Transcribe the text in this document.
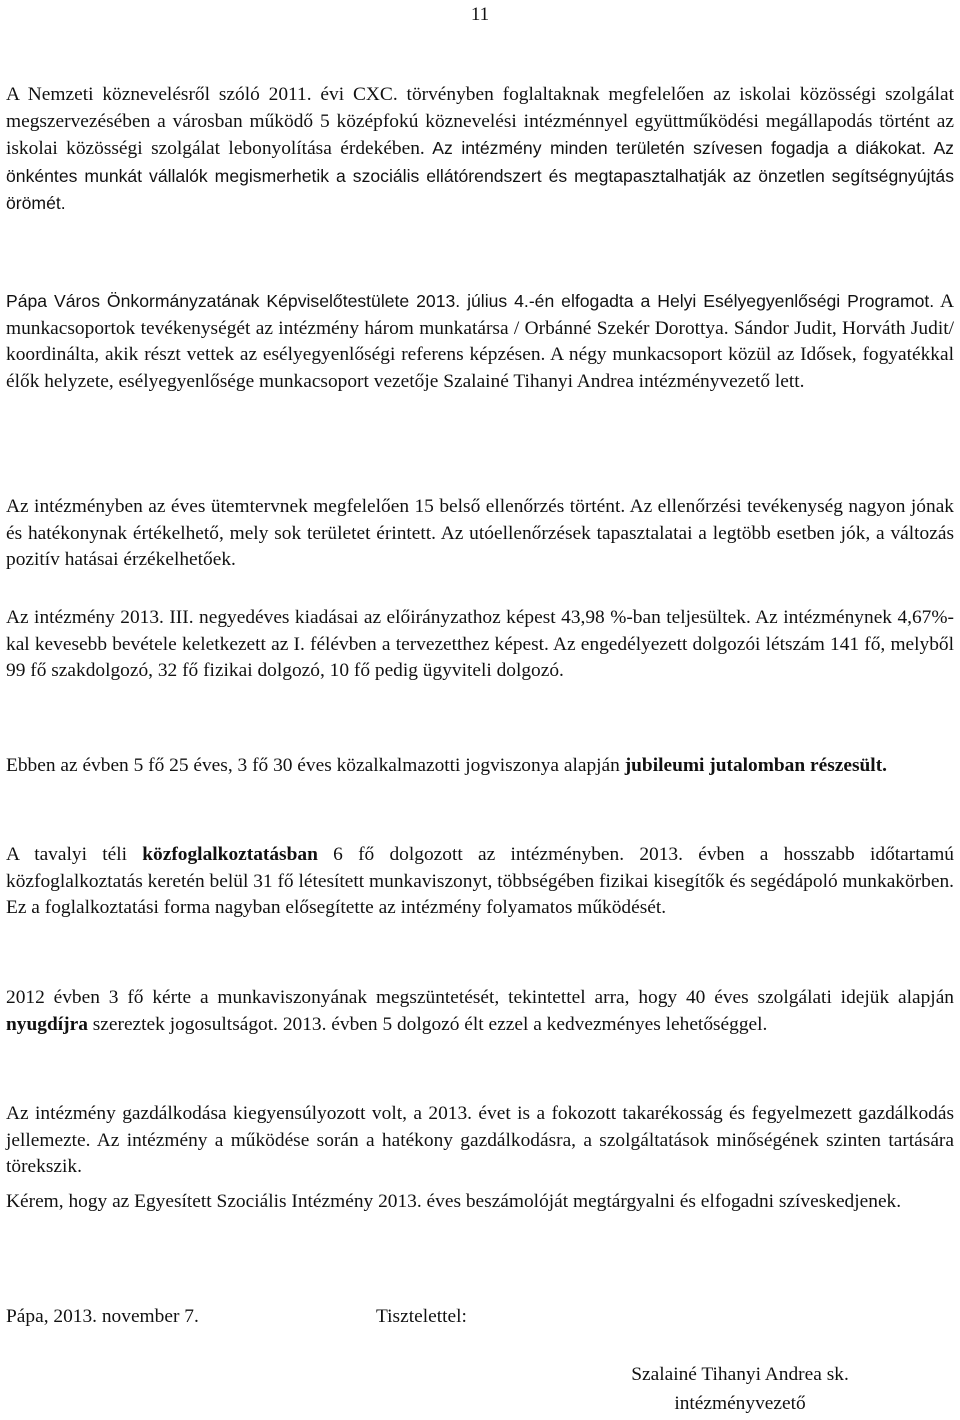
11

A Nemzeti köznevelésről szóló 2011. évi CXC. törvényben foglaltaknak megfelelően az iskolai közösségi szolgálat megszervezésében a városban működő 5 középfokú köznevelési intézménnyel együttműködési megállapodás történt az iskolai közösségi szolgálat lebonyolítása érdekében. Az intézmény minden területén szívesen fogadja a diákokat. Az önkéntes munkát vállalók megismerhetik a szociális ellátórendszert és megtapasztalhatják az önzetlen segítségnyújtás örömét.

Pápa Város Önkormányzatának Képviselőtestülete 2013. július 4.-én elfogadta a Helyi Esélyegyenlőségi Programot. A munkacsoportok tevékenységét az intézmény három munkatársa / Orbánné Szekér Dorottya. Sándor Judit, Horváth Judit/ koordinálta, akik részt vettek az esélyegyenlőségi referens képzésen. A négy munkacsoport közül az Idősek, fogyatékkal élők helyzete, esélyegyenlősége munkacsoport vezetője Szalainé Tihanyi Andrea intézményvezető lett.

Az intézményben az éves ütemtervnek megfelelően 15 belső ellenőrzés történt. Az ellenőrzési tevékenység nagyon jónak és hatékonynak értékelhető, mely sok területet érintett. Az utóellenőrzések tapasztalatai a legtöbb esetben jók, a változás pozitív hatásai érzékelhetőek.

Az intézmény 2013. III. negyedéves kiadásai az előirányzathoz képest 43,98 %-ban teljesültek. Az intézménynek 4,67%-kal kevesebb bevétele keletkezett az I. félévben a tervezetthez képest. Az engedélyezett dolgozói létszám 141 fő, melyből 99 fő szakdolgozó, 32 fő fizikai dolgozó, 10 fő pedig ügyviteli dolgozó.

Ebben az évben 5 fő 25 éves, 3 fő 30 éves közalkalmazotti jogviszonya alapján jubileumi jutalomban részesült.

A tavalyi téli közfoglalkoztatásban 6 fő dolgozott az intézményben. 2013. évben a hosszabb időtartamú közfoglalkoztatás keretén belül 31 fő létesített munkaviszonyt, többségében fizikai kisegítők és segédápoló munkakörben. Ez a foglalkoztatási forma nagyban elősegítette az intézmény folyamatos működését.

2012 évben 3 fő kérte a munkaviszonyának megszüntetését, tekintettel arra, hogy 40 éves szolgálati idejük alapján nyugdíjra szereztek jogosultságot. 2013. évben 5 dolgozó élt ezzel a kedvezményes lehetőséggel.

Az intézmény gazdálkodása kiegyensúlyozott volt, a 2013. évet is a fokozott takarékosság és fegyelmezett gazdálkodás jellemezte. Az intézmény a működése során a hatékony gazdálkodásra, a szolgáltatások minőségének szinten tartására törekszik.

Kérem, hogy az Egyesített Szociális Intézmény 2013. éves beszámolóját megtárgyalni és elfogadni szíveskedjenek.

Pápa, 2013. november 7.	Tisztelettel:
Szalainé Tihanyi Andrea sk.
intézményvezető
